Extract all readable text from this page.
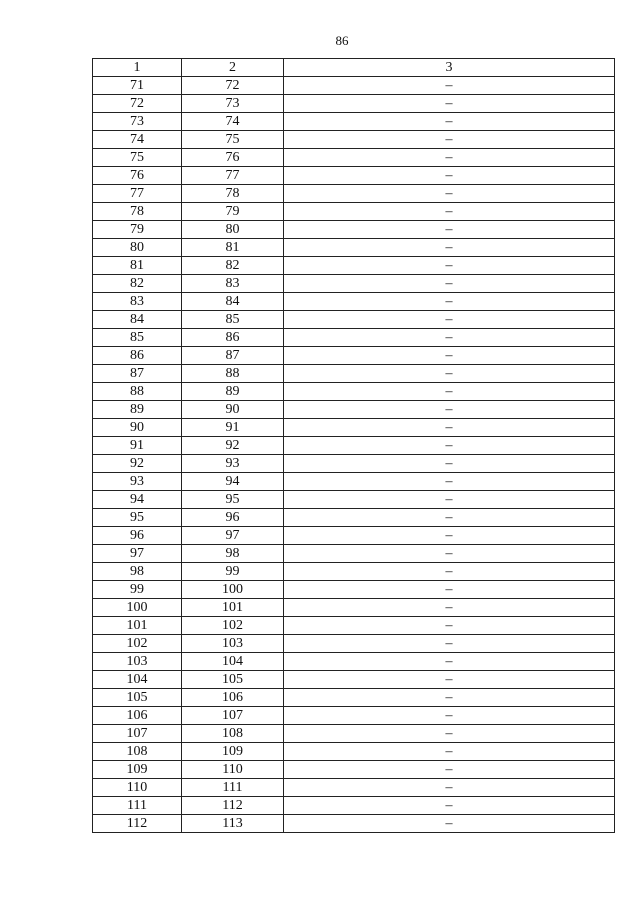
86
1	2	3
71	72	–
72	73	–
73	74	–
74	75	–
75	76	–
76	77	–
77	78	–
78	79	–
79	80	–
80	81	–
81	82	–
82	83	–
83	84	–
84	85	–
85	86	–
86	87	–
87	88	–
88	89	–
89	90	–
90	91	–
91	92	–
92	93	–
93	94	–
94	95	–
95	96	–
96	97	–
97	98	–
98	99	–
99	100	–
100	101	–
101	102	–
102	103	–
103	104	–
104	105	–
105	106	–
106	107	–
107	108	–
108	109	–
109	110	–
110	111	–
111	112	–
112	113	–
